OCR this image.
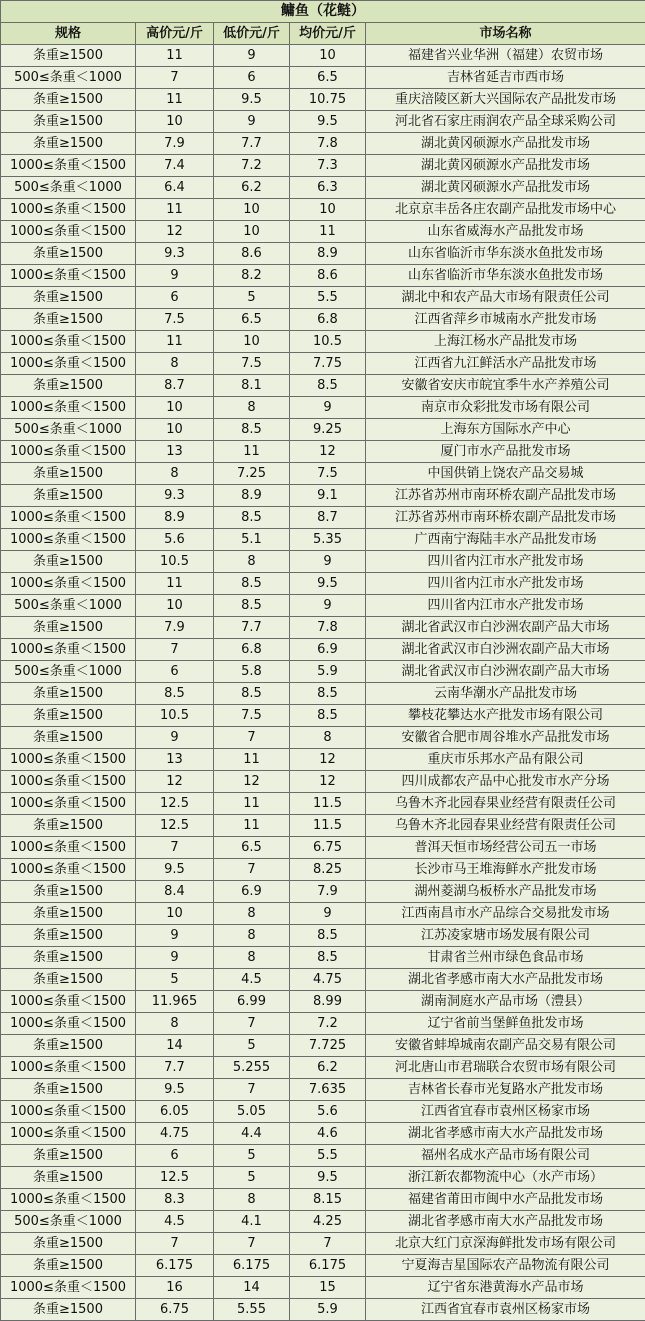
鳙鱼（花鲢）				
规格	高价元/斤	低价元/斤	均价元/斤	市场名称
条重≥1500	11	9	10	福建省兴业华洲（福建）农贸市场
500≤条重＜1000	7	6	6.5	吉林省延吉市西市场
条重≥1500	11	9.5	10.75	重庆涪陵区新大兴国际农产品批发市场
条重≥1500	10	9	9.5	河北省石家庄雨润农产品全球采购公司
条重≥1500	7.9	7.7	7.8	湖北黄冈硕源水产品批发市场
1000≤条重＜1500	7.4	7.2	7.3	湖北黄冈硕源水产品批发市场
500≤条重＜1000	6.4	6.2	6.3	湖北黄冈硕源水产品批发市场
1000≤条重＜1500	11	10	10	北京京丰岳各庄农副产品批发市场中心
1000≤条重＜1500	12	10	11	山东省威海水产品批发市场
条重≥1500	9.3	8.6	8.9	山东省临沂市华东淡水鱼批发市场
1000≤条重＜1500	9	8.2	8.6	山东省临沂市华东淡水鱼批发市场
条重≥1500	6	5	5.5	湖北中和农产品大市场有限责任公司
条重≥1500	7.5	6.5	6.8	江西省萍乡市城南水产批发市场
1000≤条重＜1500	11	10	10.5	上海江杨水产品批发市场
1000≤条重＜1500	8	7.5	7.75	江西省九江鲜活水产品批发市场
条重≥1500	8.7	8.1	8.5	安徽省安庆市皖宜季牛水产养殖公司
1000≤条重＜1500	10	8	9	南京市众彩批发市场有限公司
500≤条重＜1000	10	8.5	9.25	上海东方国际水产中心
1000≤条重＜1500	13	11	12	厦门市水产品批发市场
条重≥1500	8	7.25	7.5	中国供销上饶农产品交易城
条重≥1500	9.3	8.9	9.1	江苏省苏州市南环桥农副产品批发市场
1000≤条重＜1500	8.9	8.5	8.7	江苏省苏州市南环桥农副产品批发市场
1000≤条重＜1500	5.6	5.1	5.35	广西南宁海陆丰水产品批发市场
条重≥1500	10.5	8	9	四川省内江市水产批发市场
1000≤条重＜1500	11	8.5	9.5	四川省内江市水产批发市场
500≤条重＜1000	10	8.5	9	四川省内江市水产批发市场
条重≥1500	7.9	7.7	7.8	湖北省武汉市白沙洲农副产品大市场
1000≤条重＜1500	7	6.8	6.9	湖北省武汉市白沙洲农副产品大市场
500≤条重＜1000	6	5.8	5.9	湖北省武汉市白沙洲农副产品大市场
条重≥1500	8.5	8.5	8.5	云南华潮水产品批发市场
条重≥1500	10.5	7.5	8.5	攀枝花攀达水产批发市场有限公司
条重≥1500	9	7	8	安徽省合肥市周谷堆水产品批发市场
1000≤条重＜1500	13	11	12	重庆市乐邦水产品有限公司
1000≤条重＜1500	12	12	12	四川成都农产品中心批发市水产分场
1000≤条重＜1500	12.5	11	11.5	乌鲁木齐北园春果业经营有限责任公司
条重≥1500	12.5	11	11.5	乌鲁木齐北园春果业经营有限责任公司
1000≤条重＜1500	7	6.5	6.75	普洱天恒市场经营公司五一市场
1000≤条重＜1500	9.5	7	8.25	长沙市马王堆海鲜水产批发市场
条重≥1500	8.4	6.9	7.9	湖州菱湖乌板桥水产品批发市场
条重≥1500	10	8	9	江西南昌市水产品综合交易批发市场
条重≥1500	9	8	8.5	江苏凌家塘市场发展有限公司
条重≥1500	9	8	8.5	甘肃省兰州市绿色食品市场
条重≥1500	5	4.5	4.75	湖北省孝感市南大水产品批发市场
1000≤条重＜1500	11.965	6.99	8.99	湖南洞庭水产品市场（澧县）
1000≤条重＜1500	8	7	7.2	辽宁省前当堡鲜鱼批发市场
条重≥1500	14	5	7.725	安徽省蚌埠城南农副产品交易有限公司
1000≤条重＜1500	7.7	5.255	6.2	河北唐山市君瑞联合农贸市场有限公司
条重≥1500	9.5	7	7.635	吉林省长春市光复路水产批发市场
1000≤条重＜1500	6.05	5.05	5.6	江西省宜春市袁州区杨家市场
1000≤条重＜1500	4.75	4.4	4.6	湖北省孝感市南大水产品批发市场
条重≥1500	6	5	5.5	福州名成水产品市场有限公司
条重≥1500	12.5	5	9.5	浙江新农都物流中心（水产市场）
1000≤条重＜1500	8.3	8	8.15	福建省莆田市闽中水产品批发市场
500≤条重＜1000	4.5	4.1	4.25	湖北省孝感市南大水产品批发市场
条重≥1500	7	7	7	北京大红门京深海鲜批发市场有限公司
条重≥1500	6.175	6.175	6.175	宁夏海吉星国际农产品物流有限公司
1000≤条重＜1500	16	14	15	辽宁省东港黄海水产品市场
条重≥1500	6.75	5.55	5.9	江西省宜春市袁州区杨家市场
